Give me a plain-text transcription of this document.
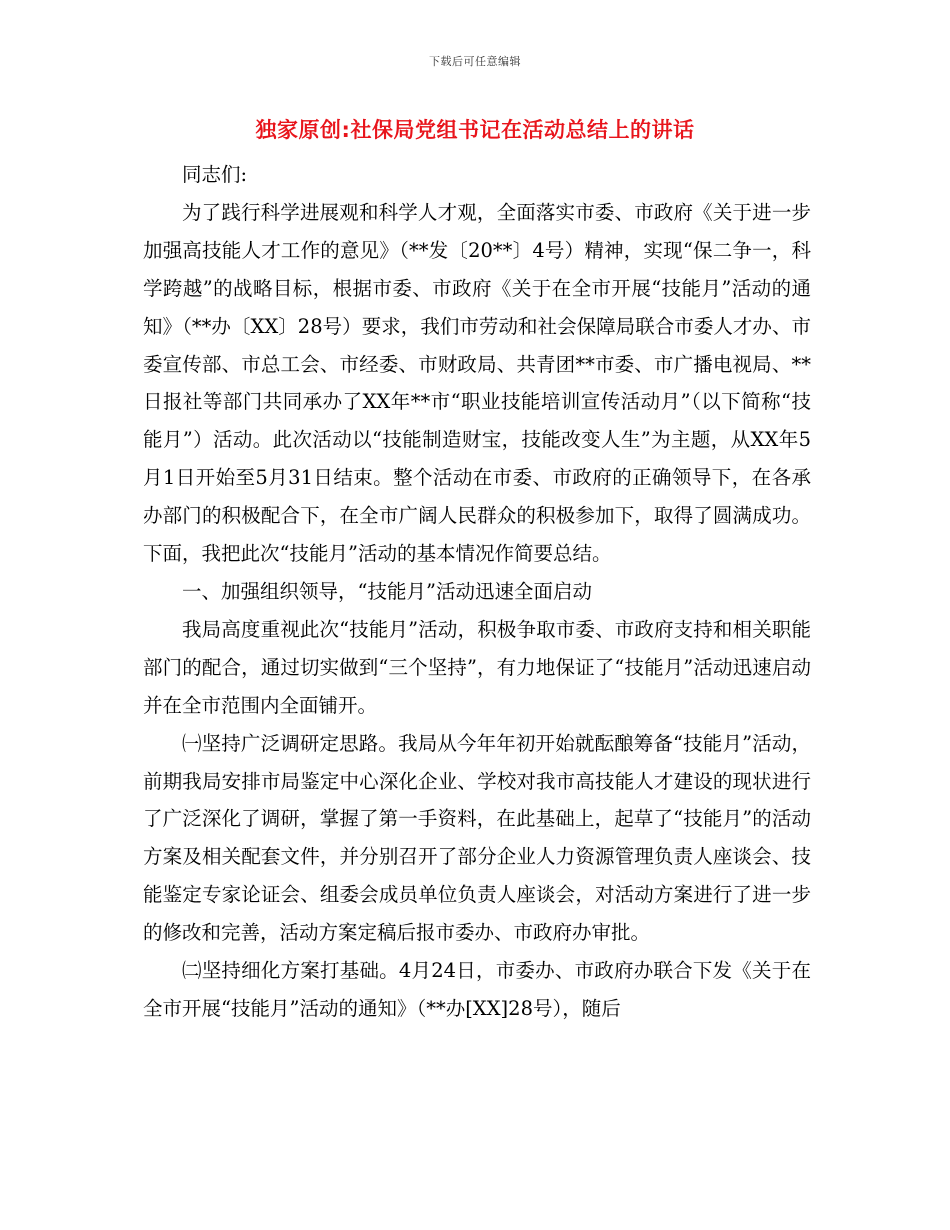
下载后可任意编辑
独家原创:社保局党组书记在活动总结上的讲话

同志们:

为了践行科学进展观和科学人才观，全面落实市委、市政府《关于进一步加强高技能人才工作的意见》（**发〔20**〕4号）精神，实现“保二争一，科学跨越”的战略目标，根据市委、市政府《关于在全市开展“技能月”活动的通知》（**办〔XX〕28号）要求，我们市劳动和社会保障局联合市委人才办、市委宣传部、市总工会、市经委、市财政局、共青团**市委、市广播电视局、**日报社等部门共同承办了XX年**市“职业技能培训宣传活动月”（以下简称“技能月”）活动。此次活动以“技能制造财宝，技能改变人生”为主题，从XX年5月1日开始至5月31日结束。整个活动在市委、市政府的正确领导下，在各承办部门的积极配合下，在全市广阔人民群众的积极参加下，取得了圆满成功。下面，我把此次“技能月”活动的基本情况作简要总结。

一、加强组织领导，“技能月”活动迅速全面启动

我局高度重视此次“技能月”活动，积极争取市委、市政府支持和相关职能部门的配合，通过切实做到“三个坚持”，有力地保证了“技能月”活动迅速启动并在全市范围内全面铺开。

㈠坚持广泛调研定思路。我局从今年年初开始就酝酿筹备“技能月”活动，前期我局安排市局鉴定中心深化企业、学校对我市高技能人才建设的现状进行了广泛深化了调研，掌握了第一手资料，在此基础上，起草了“技能月”的活动方案及相关配套文件，并分别召开了部分企业人力资源管理负责人座谈会、技能鉴定专家论证会、组委会成员单位负责人座谈会，对活动方案进行了进一步的修改和完善，活动方案定稿后报市委办、市政府办审批。

㈡坚持细化方案打基础。4月24日，市委办、市政府办联合下发《关于在全市开展“技能月”活动的通知》（**办[XX]28号），随后
